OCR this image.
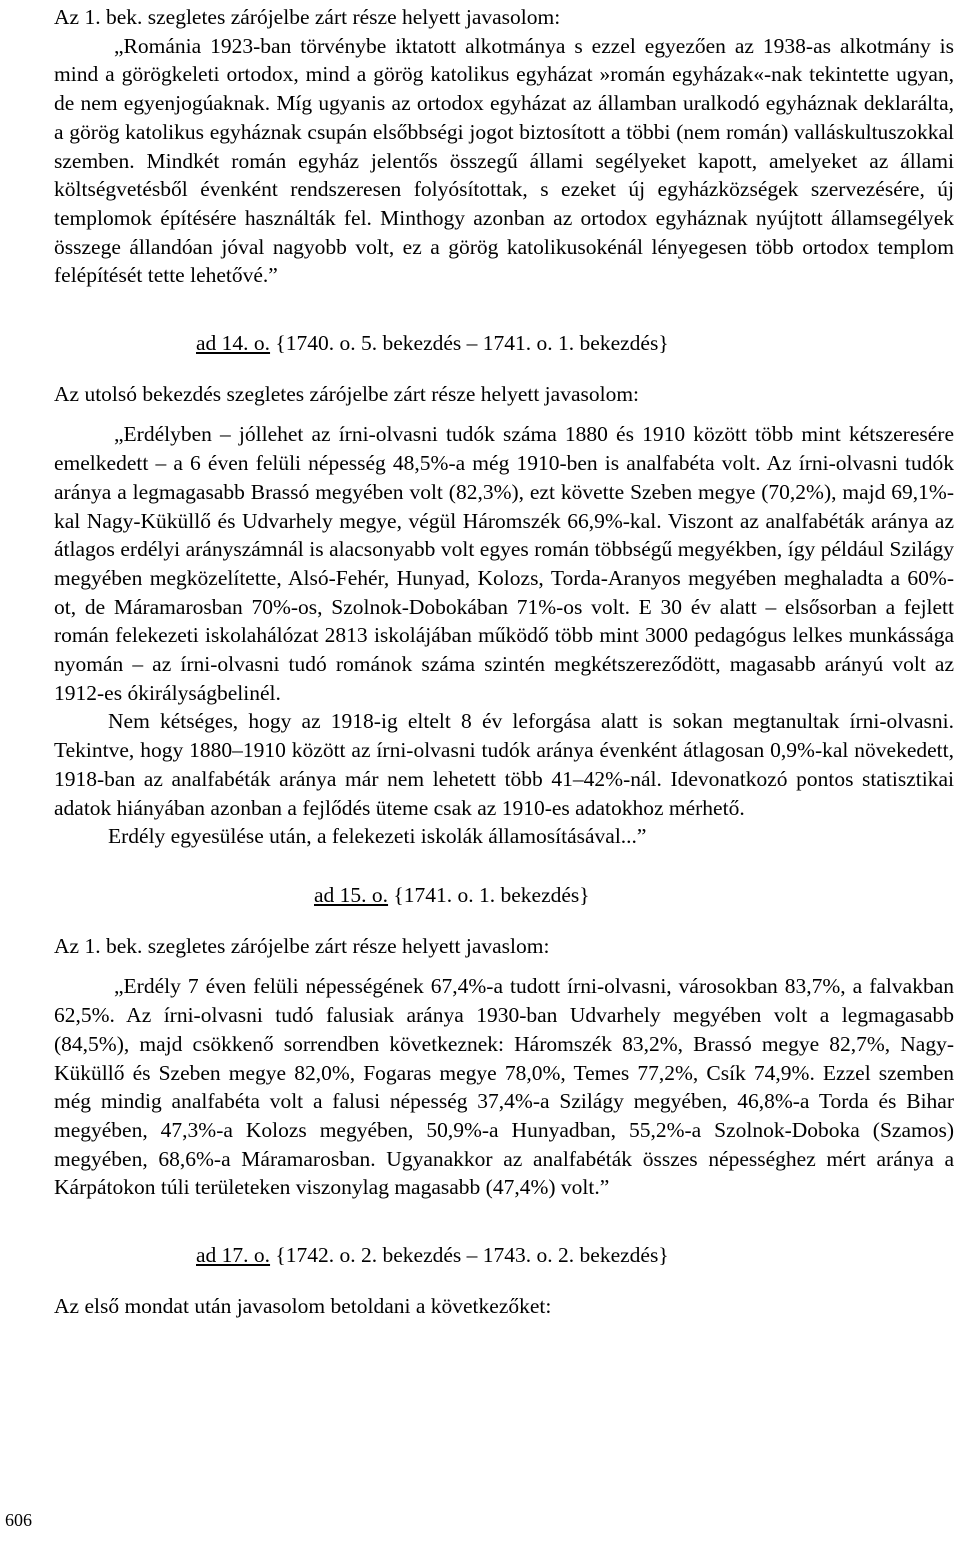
Az 1. bek. szegletes zárójelbe zárt része helyett javasolom:

„Románia 1923-ban törvénybe iktatott alkotmánya s ezzel egyezően az 1938-as alkotmány is mind a görögkeleti ortodox, mind a görög katolikus egyházat »román egyházak«-nak tekintette ugyan, de nem egyenjogúaknak. Míg ugyanis az ortodox egyházat az államban uralkodó egyháznak deklarálta, a görög katolikus egyháznak csupán elsőbbségi jogot biztosított a többi (nem román) valláskultuszokkal szemben. Mindkét román egyház jelentős összegű állami segélyeket kapott, amelyeket az állami költségvetésből évenként rendszeresen folyósítottak, s ezeket új egyházközségek szervezésére, új templomok építésére használták fel. Minthogy azonban az ortodox egyháznak nyújtott államsegélyek összege állandóan jóval nagyobb volt, ez a görög katolikusokénál lényegesen több ortodox templom felépítését tette lehetővé.”

ad 14. o. {1740. o. 5. bekezdés – 1741. o. 1. bekezdés}

Az utolsó bekezdés szegletes zárójelbe zárt része helyett javasolom:

„Erdélyben – jóllehet az írni-olvasni tudók száma 1880 és 1910 között több mint kétszeresére emelkedett – a 6 éven felüli népesség 48,5%-a még 1910-ben is analfabéta volt. Az írni-olvasni tudók aránya a legmagasabb Brassó megyében volt (82,3%), ezt követte Szeben megye (70,2%), majd 69,1%-kal Nagy-Küküllő és Udvarhely megye, végül Háromszék 66,9%-kal. Viszont az analfabéták aránya az átlagos erdélyi arányszámnál is alacsonyabb volt egyes román többségű megyékben, így például Szilágy megyében megközelítette, Alsó-Fehér, Hunyad, Kolozs, Torda-Aranyos megyében meghaladta a 60%-ot, de Máramarosban 70%-os, Szolnok-Dobokában 71%-os volt. E 30 év alatt – elsősorban a fejlett román felekezeti iskolahálózat 2813 iskolájában működő több mint 3000 pedagógus lelkes munkássága nyomán – az írni-olvasni tudó románok száma szintén megkétszereződött, magasabb arányú volt az 1912-es ókirályságbelinél.

Nem kétséges, hogy az 1918-ig eltelt 8 év leforgása alatt is sokan megtanultak írni-olvasni. Tekintve, hogy 1880–1910 között az írni-olvasni tudók aránya évenként átlagosan 0,9%-kal növekedett, 1918-ban az analfabéták aránya már nem lehetett több 41–42%-nál. Idevonatkozó pontos statisztikai adatok hiányában azonban a fejlődés üteme csak az 1910-es adatokhoz mérhető.

Erdély egyesülése után, a felekezeti iskolák államosításával...”

ad 15. o. {1741. o. 1. bekezdés}

Az 1. bek. szegletes zárójelbe zárt része helyett javaslom:

„Erdély 7 éven felüli népességének 67,4%-a tudott írni-olvasni, városokban 83,7%, a falvakban 62,5%. Az írni-olvasni tudó falusiak aránya 1930-ban Udvarhely megyében volt a legmagasabb (84,5%), majd csökkenő sorrendben következnek: Háromszék 83,2%, Brassó megye 82,7%, Nagy-Küküllő és Szeben megye 82,0%, Fogaras megye 78,0%, Temes 77,2%, Csík 74,9%. Ezzel szemben még mindig analfabéta volt a falusi népesség 37,4%-a Szilágy megyében, 46,8%-a Torda és Bihar megyében, 47,3%-a Kolozs megyében, 50,9%-a Hunyadban, 55,2%-a Szolnok-Doboka (Szamos) megyében, 68,6%-a Máramarosban. Ugyanakkor az analfabéták összes népességhez mért aránya a Kárpátokon túli területeken viszonylag magasabb (47,4%) volt.”

ad 17. o. {1742. o. 2. bekezdés – 1743. o. 2. bekezdés}

Az első mondat után javasolom betoldani a következőket:

606
